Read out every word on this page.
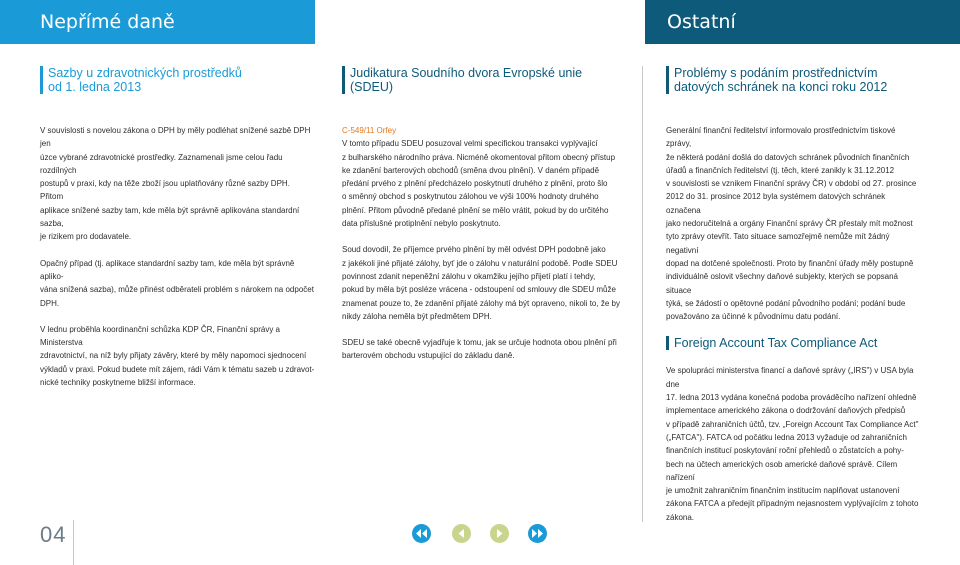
Nepřímé daně	Ostatní
Sazby u zdravotnických prostředků
od 1. ledna 2013

V souvislosti s novelou zákona o DPH by měly podléhat snížené sazbě DPH jen
úzce vybrané zdravotnické prostředky. Zaznamenali jsme celou řadu rozdílných
postupů v praxi, kdy na těže zboží jsou uplatňovány různé sazby DPH. Přitom
aplikace snížené sazby tam, kde měla být správně aplikována standardní sazba,
je rizikem pro dodavatele.

Opačný případ (tj. aplikace standardní sazby tam, kde měla být správně apliko-
vána snížená sazba), může přinést odběrateli problém s nárokem na odpočet
DPH.

V lednu proběhla koordinanční schůzka KDP ČR, Finanční správy a Ministerstva
zdravotnictví, na níž byly přijaty závěry, které by měly napomoci sjednocení
výkladů v praxi. Pokud budete mít zájem, rádi Vám k tématu sazeb u zdravot-
nické techniky poskytneme bližší informace.

Judikatura Soudního dvora Evropské unie
(SDEU)

C-549/11 Orfey

V tomto případu SDEU posuzoval velmi specifickou transakci vyplývající
z bulharského národního práva. Nicméně okomentoval přitom obecný přístup
ke zdanění barterových obchodů (směna dvou plnění). V daném případě
předání prvého z plnění předcházelo poskytnutí druhého z plnění, proto šlo
o směnný obchod s poskytnutou zálohou ve výši 100% hodnoty druhého
plnění. Přitom původně předané plnění se mělo vrátit, pokud by do určitého
data příslušné protiplnění nebylo poskytnuto.

Soud dovodil, že příjemce prvého plnění by měl odvést DPH podobně jako
z jakékoli jiné přijaté zálohy, byť jde o zálohu v naturální podobě. Podle SDEU
povinnost zdanit nepeněžní zálohu v okamžiku jejího přijetí platí i tehdy,
pokud by měla být posléze vrácena - odstoupení od smlouvy dle SDEU může
znamenat pouze to, že zdanění přijaté zálohy má být opraveno, nikoli to, že by
nikdy záloha neměla být předmětem DPH.

SDEU se také obecně vyjadřuje k tomu, jak se určuje hodnota obou plnění při
barterovém obchodu vstupující do základu daně.

Problémy s podáním prostřednictvím
datových schránek na konci roku 2012

Generální finanční ředitelství informovalo prostřednictvím tiskové zprávy,
že některá podání došlá do datových schránek původních finančních
úřadů a finančních ředitelství (tj. těch, které zanikly k 31.12.2012
v souvislosti se vznikem Finanční správy ČR) v období od 27. prosince
2012 do 31. prosince 2012 byla systémem datových schránek označena
jako nedoručitelná a orgány Finanční správy ČR přestaly mít možnost
tyto zprávy otevřít. Tato situace samozřejmě nemůže mít žádný negativní
dopad na dotčené společnosti. Proto by finanční úřady měly postupně
individuálně oslovit všechny daňové subjekty, kterých se popsaná situace
týká, se žádostí o opětovné podání původního podání; podání bude
považováno za účinné k původnímu datu podání.

Foreign Account Tax Compliance Act

Ve spolupráci ministerstva financí a daňové správy („IRS") v USA byla dne
17. ledna 2013 vydána konečná podoba prováděcího nařízení ohledně
implementace amerického zákona o dodržování daňových předpisů
v případě zahraničních účtů, tzv. „Foreign Account Tax Compliance Act"
(„FATCA"). FATCA od počátku ledna 2013 vyžaduje od zahraničních
finančních institucí poskytování roční přehledů o zůstatcích a pohy-
bech na účtech amerických osob americké daňové správě. Cílem nařízení
je umožnit zahraničním finančním institucím naplňovat ustanovení
zákona FATCA a předejít případným nejasnostem vyplývajícím z tohoto
zákona.

04
